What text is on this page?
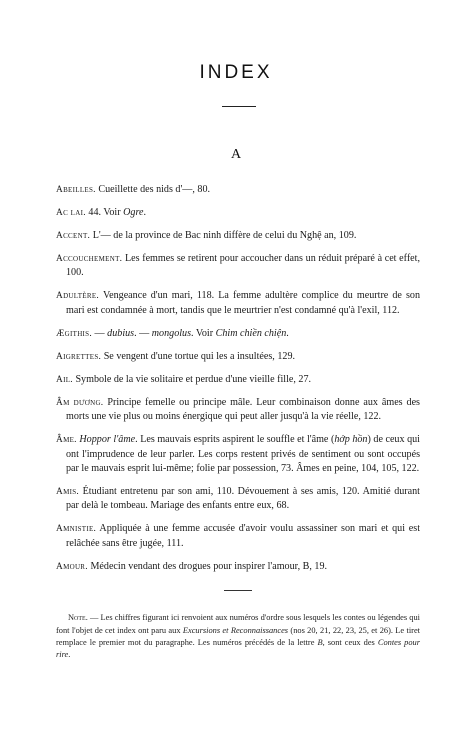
INDEX
A

Abeilles. Cueillette des nids d'—, 80.

Ac lai. 44. Voir Ogre.

Accent. L'— de la province de Bac ninh diffère de celui du Nghệ an, 109.

Accouchement. Les femmes se retirent pour accoucher dans un réduit préparé à cet effet, 100.

Adultère. Vengeance d'un mari, 118. La femme adultère complice du meurtre de son mari est condamnée à mort, tandis que le meurtrier n'est condamné qu'à l'exil, 112.

Ægithis. — dubius. — mongolus. Voir Chim chiền chiện.

Aigrettes. Se vengent d'une tortue qui les a insultées, 129.

Ail. Symbole de la vie solitaire et perdue d'une vieille fille, 27.

Âm dương. Principe femelle ou principe mâle. Leur combinaison donne aux âmes des morts une vie plus ou moins énergique qui peut aller jusqu'à la vie réelle, 122.

Âme. Hoppor l'âme. Les mauvais esprits aspirent le souffle et l'âme (hớp hồn) de ceux qui ont l'imprudence de leur parler. Les corps restent privés de sentiment ou sont occupés par le mauvais esprit lui-même; folie par possession, 73. Âmes en peine, 104, 105, 122.

Amis. Étudiant entretenu par son ami, 110. Dévouement à ses amis, 120. Amitié durant par delà le tombeau. Mariage des enfants entre eux, 68.

Amnistie. Appliquée à une femme accusée d'avoir voulu assassiner son mari et qui est relâchée sans être jugée, 111.

Amour. Médecin vendant des drogues pour inspirer l'amour, B, 19.

Note. — Les chiffres figurant ici renvoient aux numéros d'ordre sous lesquels les contes ou légendes qui font l'objet de cet index ont paru aux Excursions et Reconnaissances (nos 20, 21, 22, 23, 25, et 26). Le tiret remplace le premier mot du paragraphe. Les numéros précédés de la lettre B, sont ceux des Contes pour rire.
